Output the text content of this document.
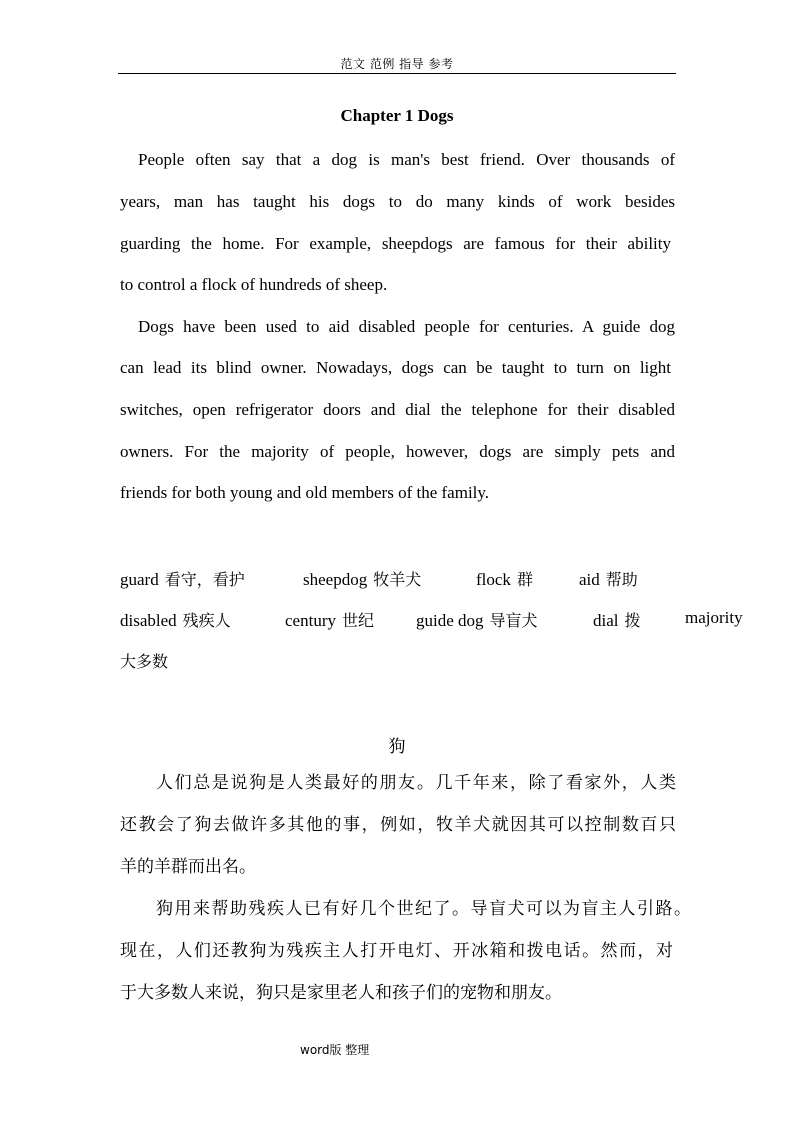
范文 范例 指导 参考
Chapter 1 Dogs
People often say that a dog is man's best friend. Over thousands of
years, man has taught his dogs to do many kinds of work besides
guarding the home. For example, sheepdogs are famous for their ability
to control a flock of hundreds of sheep.
Dogs have been used to aid disabled people for centuries. A guide dog
can lead its blind owner. Nowadays, dogs can be taught to turn on light
switches, open refrigerator doors and dial the telephone for their disabled
owners. For the majority of people, however, dogs are simply pets and
friends for both young and old members of the family.
guard 看守，看护	sheepdog 牧羊犬	flock 群	aid 帮助
disabled 残疾人	century 世纪 guide dog 导盲犬	dial 拨	majority
大多数
狗
人们总是说狗是人类最好的朋友。几千年来，除了看家外，人类
还教会了狗去做许多其他的事，例如，牧羊犬就因其可以控制数百只
羊的羊群而出名。
狗用来帮助残疾人已有好几个世纪了。导盲犬可以为盲主人引路。
现在，人们还教狗为残疾主人打开电灯、开冰箱和拨电话。然而，对
于大多数人来说，狗只是家里老人和孩子们的宠物和朋友。
word版 整理
